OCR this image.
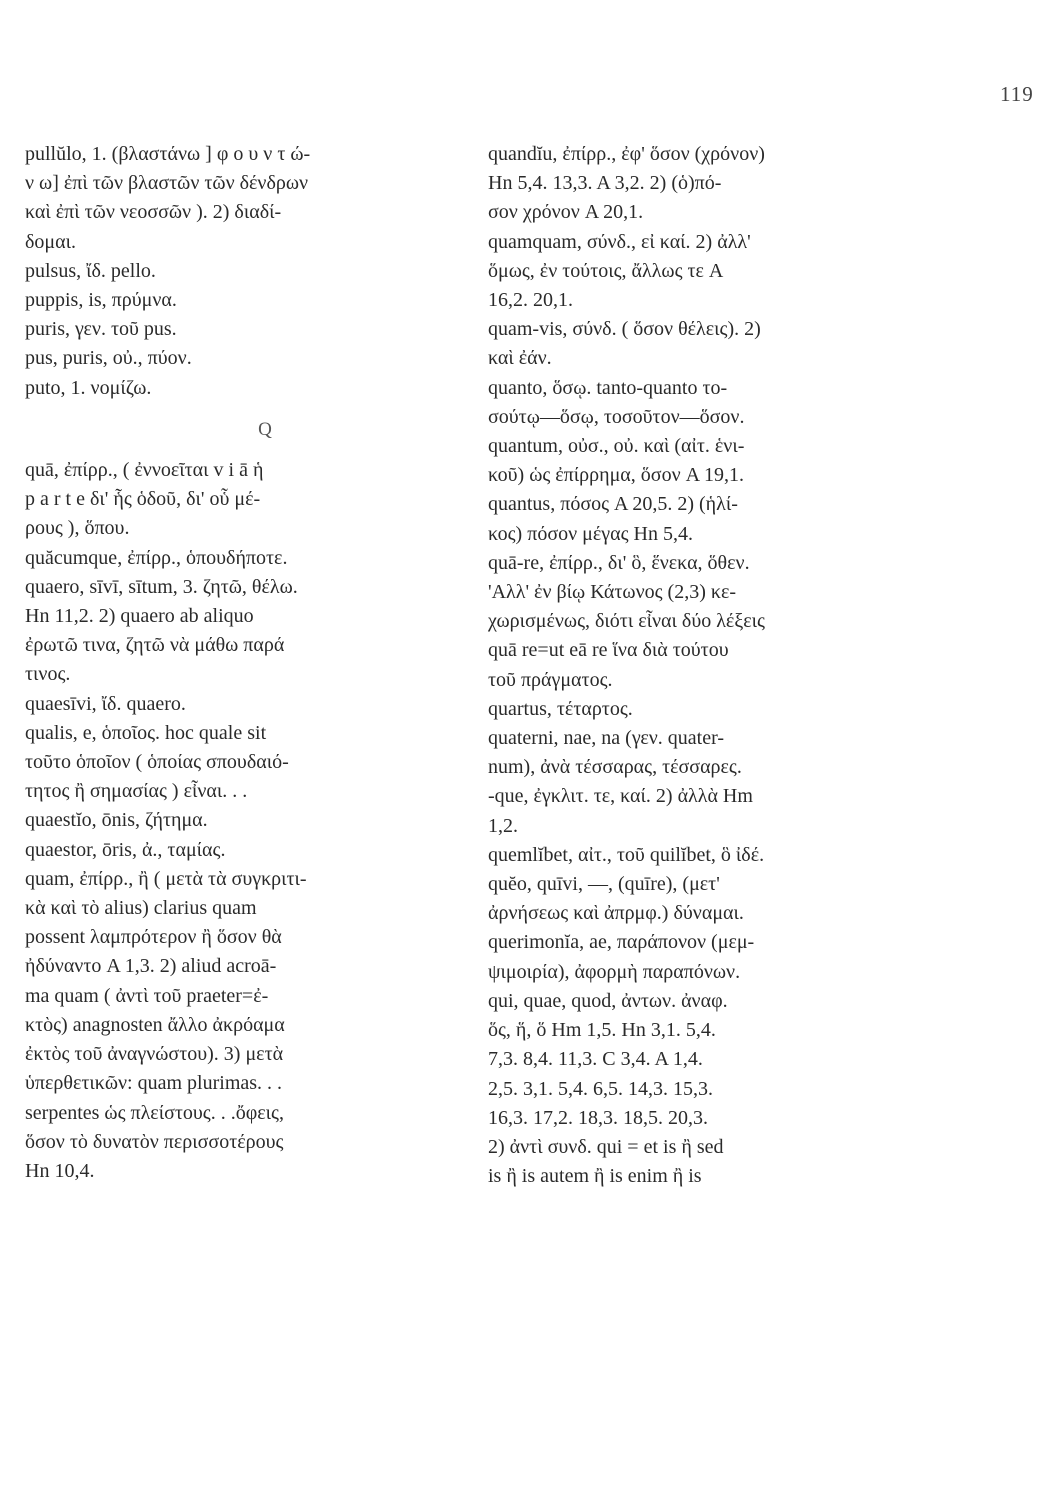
119
pullŭlo, 1. (βλαστάνω ] φ ο υ ν τ ώ-
ν ω] ἐπὶ τῶν βλαστῶν τῶν δένδρων
καὶ ἐπὶ τῶν νεοσσῶν ). 2) διαδί-
δομαι.
pulsus, ἴδ. pello.
puppis, is, πρύμνα.
puris, γεν. τοῦ pus.
pus, puris, οὐ., πύον.
puto, 1. νομίζω.
Q
quā, ἐπίρρ., ( ἐννοεῖται v i ā ἡ
p a r t e δι' ἧς ὁδοῦ, δι' οὗ μέ-
ρους ), ὅπου.
quăcumque, ἐπίρρ., ὁπουδήποτε.
quaero, sīvī, sītum, 3. ζητῶ, θέλω.
Hn 11,2. 2) quaero ab aliquo
ἐρωτῶ τινα, ζητῶ νὰ μάθω παρά
τινος.
quaesīvi, ἴδ. quaero.
qualis, e, ὁποῖος. hoc quale sit
τοῦτο ὁποῖον ( ὁποίας σπουδαιό-
τητος ἢ σημασίας ) εἶναι. . .
quaestĭo, ōnis, ζήτημα.
quaestor, ōris, ἀ., ταμίας.
quam, ἐπίρρ., ἢ ( μετὰ τὰ συγκριτι-
κὰ καὶ τὸ alius) clarius quam
possent λαμπρότερον ἢ ὅσον θὰ
ἠδύναντο A 1,3. 2) aliud acroā-
ma quam ( ἀντὶ τοῦ praeter=ἐ-
κτὸς) anagnosten ἄλλο ἀκρόαμα
ἐκτὸς τοῦ ἀναγνώστου). 3) μετὰ
ὑπερθετικῶν: quam plurimas. . .
serpentes ὡς πλείστους. . .ὄφεις,
ὅσον τὸ δυνατὸν περισσοτέρους
Hn 10,4.
quandĭu, ἐπίρρ., ἐφ' ὅσον (χρόνον)
Hn 5,4. 13,3. A 3,2. 2) (ὁ)πό-
σον χρόνον A 20,1.
quamquam, σύνδ., εἰ καί. 2) ἀλλ'
ὅμως, ἐν τούτοις, ἄλλως τε A
16,2. 20,1.
quam-vis, σύνδ. ( ὅσον θέλεις). 2)
καὶ ἐάν.
quanto, ὅσῳ. tanto-quanto το-
σούτῳ—ὅσῳ, τοσοῦτον—ὅσον.
quantum, οὐσ., οὐ. καὶ (αἰτ. ἑνι-
κοῦ) ὡς ἐπίρρημα, ὅσον A 19,1.
quantus, πόσος A 20,5. 2) (ἡλί-
κος) πόσον μέγας Hn 5,4.
quā-re, ἐπίρρ., δι' ὃ, ἕνεκα, ὅθεν.
'Αλλ' ἐν βίῳ Κάτωνος (2,3) κε-
χωρισμένως, διότι εἶναι δύο λέξεις
quā re=ut eā re ἵνα διὰ τούτου
τοῦ πράγματος.
quartus, τέταρτος.
quaterni, nae, na (γεν. quater-
num), ἀνὰ τέσσαρας, τέσσαρες.
-que, ἐγκλιτ. τε, καί. 2) ἀλλὰ Hm
1,2.
quemlĭbet, αἰτ., τοῦ quilĭbet, ὃ ἰδέ.
quĕo, quīvi, —, (quīre), (μετ'
ἀρνήσεως καὶ ἀπρμφ.) δύναμαι.
querimonĭa, ae, παράπονον (μεμ-
ψιμοιρία), ἀφορμὴ παραπόνων.
qui, quae, quod, ἀντων. ἀναφ.
ὅς, ἥ, ὅ Hm 1,5. Hn 3,1. 5,4.
7,3. 8,4. 11,3. C 3,4. A 1,4.
2,5. 3,1. 5,4. 6,5. 14,3. 15,3.
16,3. 17,2. 18,3. 18,5. 20,3.
2) ἀντὶ συνδ. qui = et is ἢ sed
is ἢ is autem ἢ is enim ἢ is
